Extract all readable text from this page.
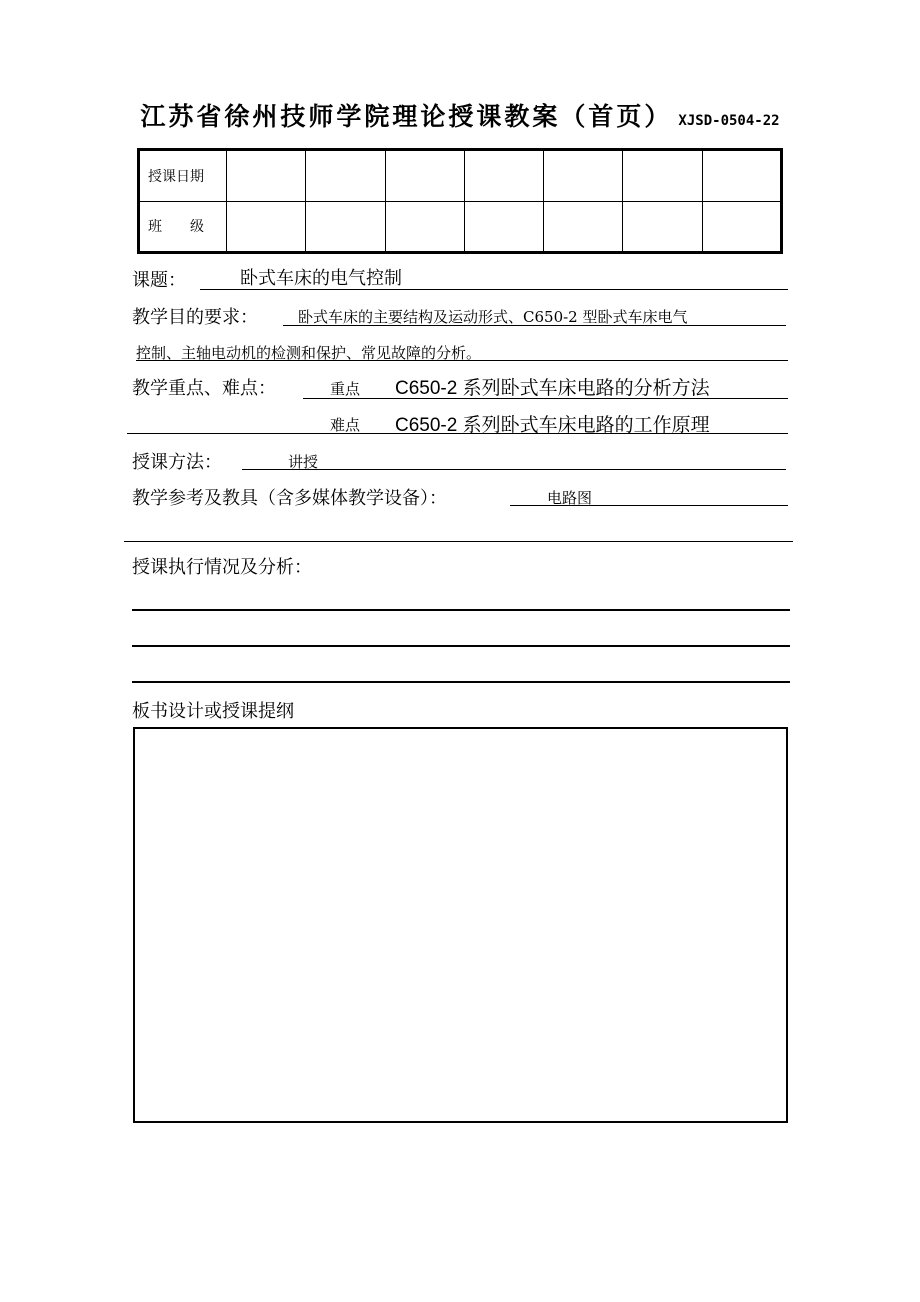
江苏省徐州技师学院理论授课教案（首页） XJSD-0504-22
授课日期							
班　　级							
课题：	卧式车床的电气控制
教学目的要求：	卧式车床的主要结构及运动形式、C650-2 型卧式车床电气
控制、主轴电动机的检测和保护、常见故障的分析。
教学重点、难点：	重点 C650-2 系列卧式车床电路的分析方法
难点 C650-2 系列卧式车床电路的工作原理
授课方法：	讲授
教学参考及教具（含多媒体教学设备）：	电路图
授课执行情况及分析：
板书设计或授课提纲
